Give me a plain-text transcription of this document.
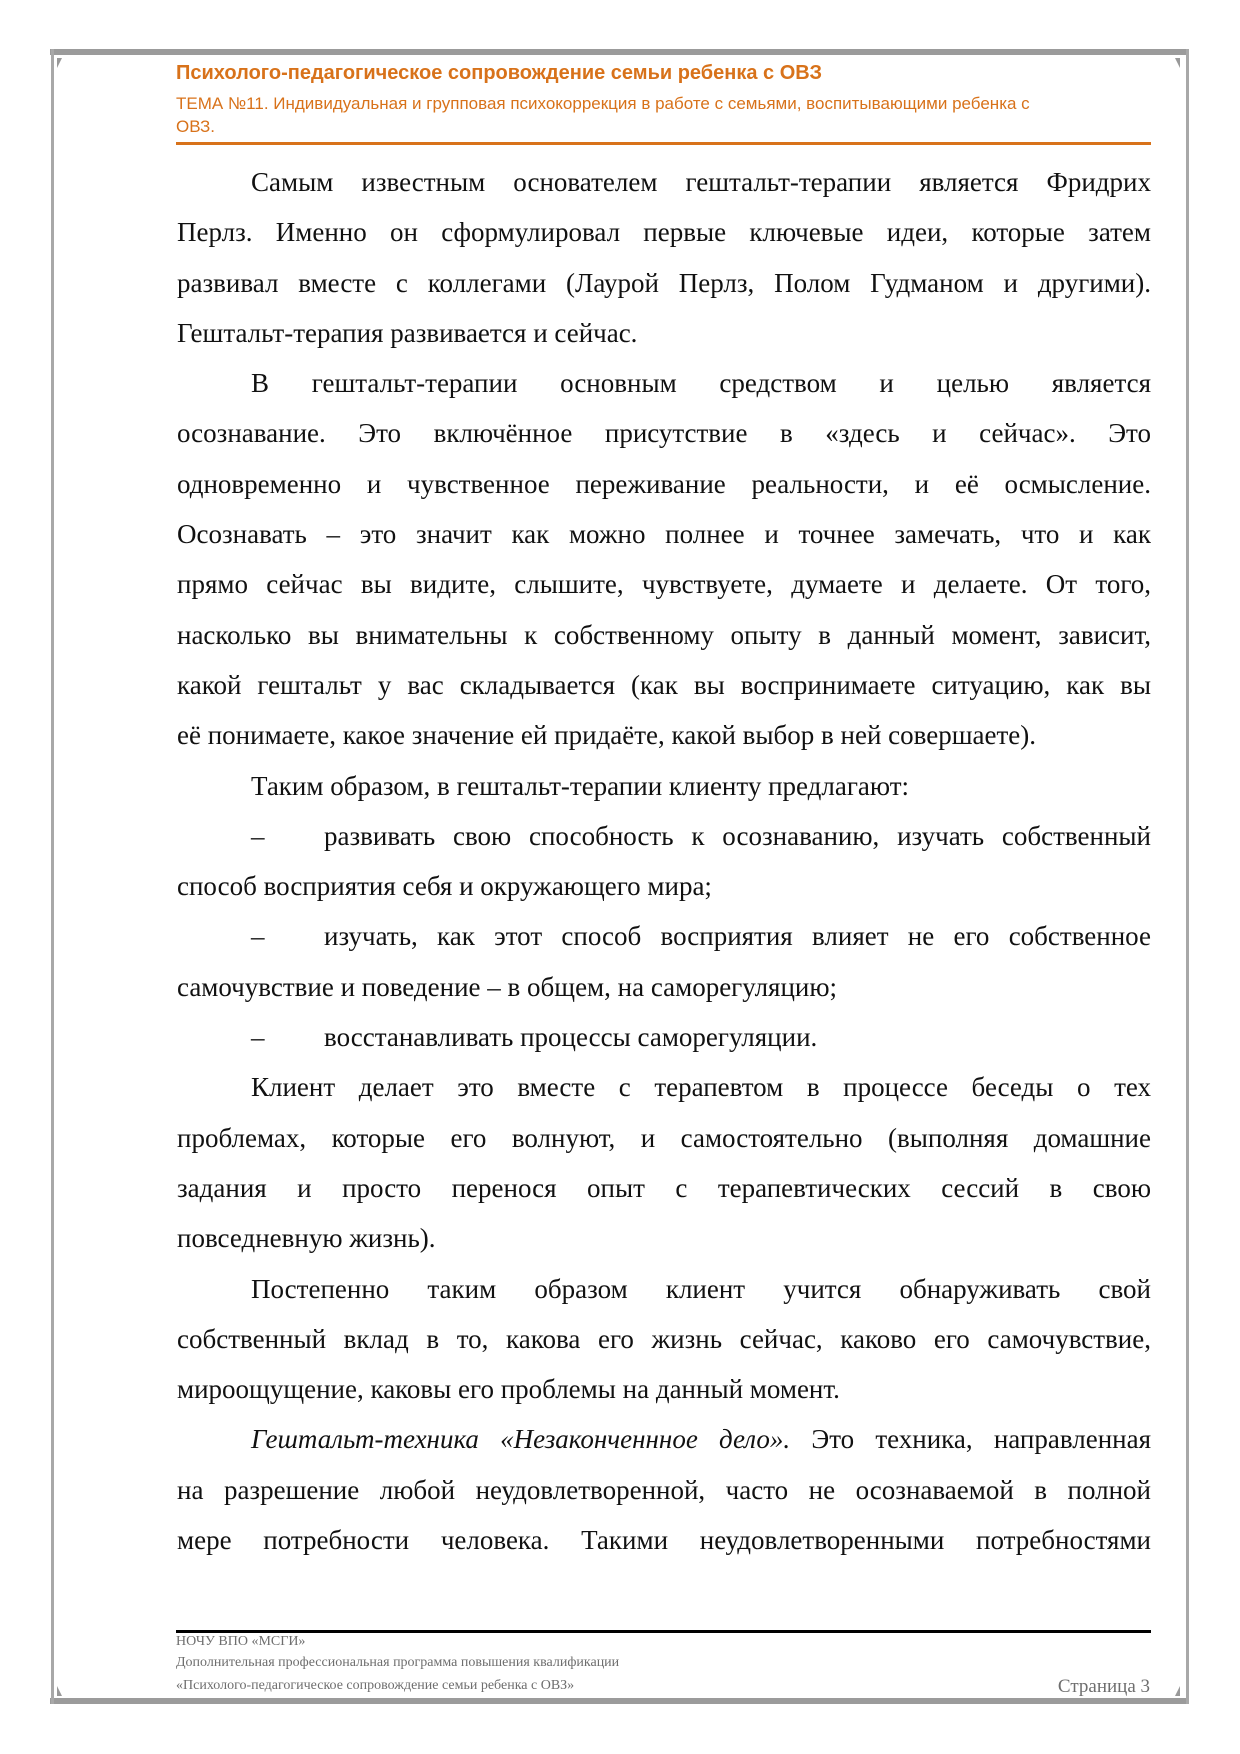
Психолого-педагогическое сопровождение семьи ребенка с ОВЗ
ТЕМА №11. Индивидуальная и групповая психокоррекция в работе с семьями, воспитывающими ребенка с
ОВЗ.
Самым известным основателем гештальт-терапии является Фридрих
Перлз. Именно он сформулировал первые ключевые идеи, которые затем
развивал вместе с коллегами (Лаурой Перлз, Полом Гудманом и другими).
Гештальт-терапия развивается и сейчас.
В гештальт-терапии основным средством и целью является
осознавание. Это включённое присутствие в «здесь и сейчас». Это
одновременно и чувственное переживание реальности, и её осмысление.
Осознавать – это значит как можно полнее и точнее замечать, что и как
прямо сейчас вы видите, слышите, чувствуете, думаете и делаете. От того,
насколько вы внимательны к собственному опыту в данный момент, зависит,
какой гештальт у вас складывается (как вы воспринимаете ситуацию, как вы
её понимаете, какое значение ей придаёте, какой выбор в ней совершаете).
Таким образом, в гештальт-терапии клиенту предлагают:
–	развивать свою способность к осознаванию, изучать собственный
способ восприятия себя и окружающего мира;
–	изучать, как этот способ восприятия влияет не его собственное
самочувствие и поведение – в общем, на саморегуляцию;
–	восстанавливать процессы саморегуляции.
Клиент делает это вместе с терапевтом в процессе беседы о тех
проблемах, которые его волнуют, и самостоятельно (выполняя домашние
задания и просто перенося опыт с терапевтических сессий в свою
повседневную жизнь).
Постепенно таким образом клиент учится обнаруживать свой
собственный вклад в то, какова его жизнь сейчас, каково его самочувствие,
мироощущение, каковы его проблемы на данный момент.
Гештальт-техника «Незаконченнное дело». Это техника, направленная
на разрешение любой неудовлетворенной, часто не осознаваемой в полной
мере потребности человека. Такими неудовлетворенными потребностями
НОЧУ ВПО «МСГИ»
Дополнительная профессиональная программа повышения квалификации
«Психолого-педагогическое сопровождение семьи ребенка с ОВЗ»	Страница 3
